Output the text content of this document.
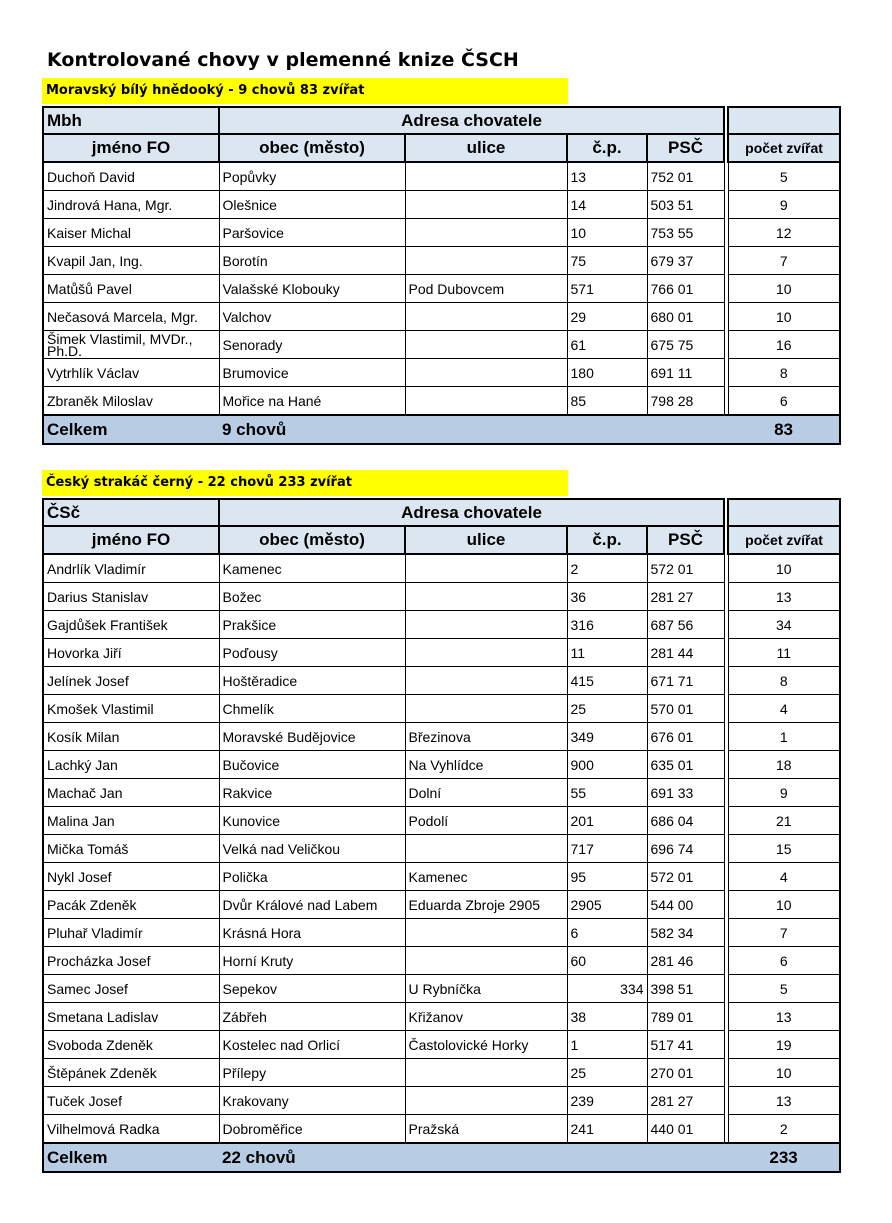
Kontrolované chovy v plemenné knize ČSCH
Moravský bílý hnědooký - 9 chovů 83 zvířat
Mbh	Adresa chovatele					
jméno FO	obec (město)	ulice	č.p.	PSČ		počet zvířat
Duchoň David	Popůvky		13	752 01		5
Jindrová Hana, Mgr.	Olešnice		14	503 51		9
Kaiser Michal	Paršovice		10	753 55		12
Kvapil Jan, Ing.	Borotín		75	679 37		7
Matůšů Pavel	Valašské Klobouky	Pod Dubovcem	571	766 01		10
Nečasová Marcela, Mgr.	Valchov		29	680 01		10
Šimek Vlastimil, MVDr., Ph.D.	Senorady		61	675 75		16
Vytrhlík Václav	Brumovice		180	691 11		8
Zbraněk Miloslav	Mořice na Hané		85	798 28		6
Celkem	9 chovů					83
Český strakáč černý - 22 chovů 233 zvířat
ČSč	Adresa chovatele					
jméno FO	obec (město)	ulice	č.p.	PSČ		počet zvířat
Andrlík Vladimír	Kamenec		2	572 01		10
Darius Stanislav	Božec		36	281 27		13
Gajdůšek František	Prakšice		316	687 56		34
Hovorka Jiří	Poďousy		11	281 44		11
Jelínek Josef	Hoštěradice		415	671 71		8
Kmošek Vlastimil	Chmelík		25	570 01		4
Kosík Milan	Moravské Budějovice	Březinova	349	676 01		1
Lachký Jan	Bučovice	Na Vyhlídce	900	635 01		18
Machač Jan	Rakvice	Dolní	55	691 33		9
Malina Jan	Kunovice	Podolí	201	686 04		21
Mička Tomáš	Velká nad Veličkou		717	696 74		15
Nykl Josef	Polička	Kamenec	95	572 01		4
Pacák Zdeněk	Dvůr Králové nad Labem	Eduarda Zbroje 2905	2905	544 00		10
Pluhař Vladimír	Krásná Hora		6	582 34		7
Procházka Josef	Horní Kruty		60	281 46		6
Samec Josef	Sepekov	U Rybníčka	334	398 51		5
Smetana Ladislav	Zábřeh	Křižanov	38	789 01		13
Svoboda Zdeněk	Kostelec nad Orlicí	Častolovické Horky	1	517 41		19
Štěpánek Zdeněk	Přílepy		25	270 01		10
Tuček Josef	Krakovany		239	281 27		13
Vilhelmová Radka	Dobroměřice	Pražská	241	440 01		2
Celkem	22 chovů					233
